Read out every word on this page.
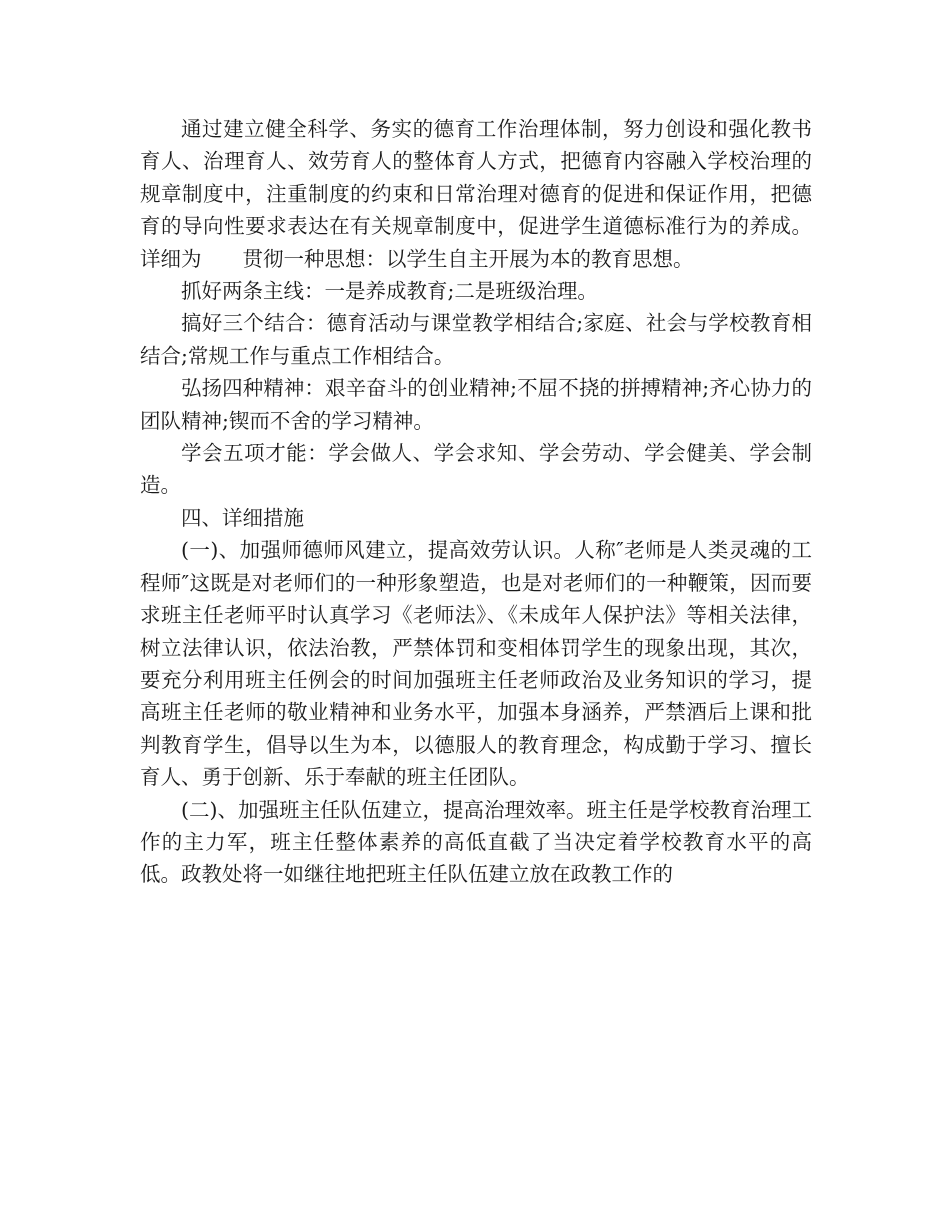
通过建立健全科学、务实的德育工作治理体制，努力创设和强化教书育人、治理育人、效劳育人的整体育人方式，把德育内容融入学校治理的规章制度中，注重制度的约束和日常治理对德育的促进和保证作用，把德育的导向性要求表达在有关规章制度中，促进学生道德标准行为的养成。详细为　　贯彻一种思想：以学生自主开展为本的教育思想。

抓好两条主线：一是养成教育;二是班级治理。

搞好三个结合：德育活动与课堂教学相结合;家庭、社会与学校教育相结合;常规工作与重点工作相结合。

弘扬四种精神：艰辛奋斗的创业精神;不屈不挠的拼搏精神;齐心协力的团队精神;锲而不舍的学习精神。

学会五项才能：学会做人、学会求知、学会劳动、学会健美、学会制造。

四、详细措施

(一)、加强师德师风建立，提高效劳认识。人称″老师是人类灵魂的工程师″这既是对老师们的一种形象塑造，也是对老师们的一种鞭策，因而要求班主任老师平时认真学习《老师法》、《未成年人保护法》等相关法律，树立法律认识，依法治教，严禁体罚和变相体罚学生的现象出现，其次，要充分利用班主任例会的时间加强班主任老师政治及业务知识的学习，提高班主任老师的敬业精神和业务水平，加强本身涵养，严禁酒后上课和批判教育学生，倡导以生为本，以德服人的教育理念，构成勤于学习、擅长育人、勇于创新、乐于奉献的班主任团队。

(二)、加强班主任队伍建立，提高治理效率。班主任是学校教育治理工作的主力军，班主任整体素养的高低直截了当决定着学校教育水平的高低。政教处将一如继往地把班主任队伍建立放在政教工作的
